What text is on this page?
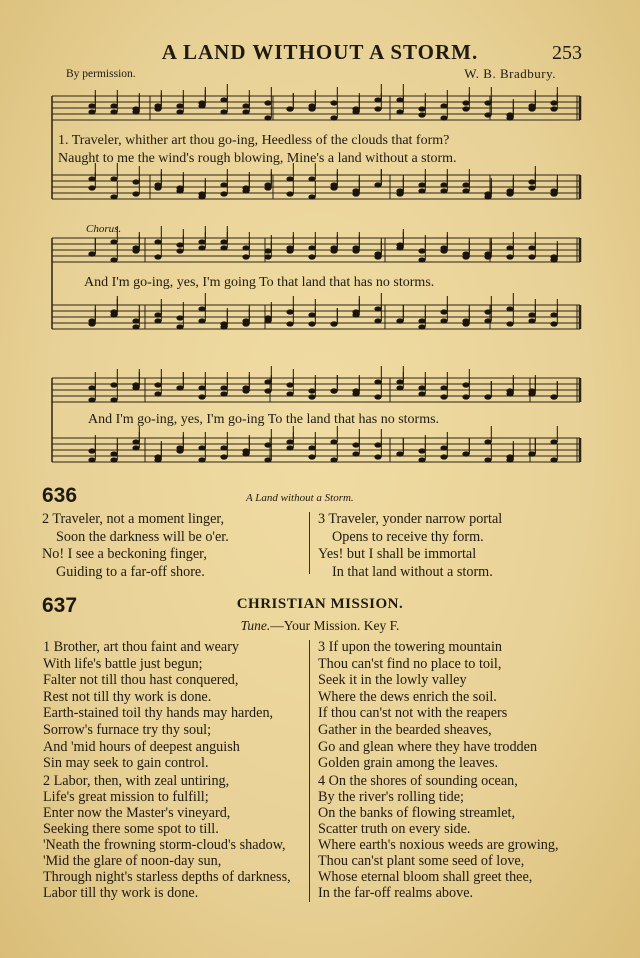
A LAND WITHOUT A STORM.	253
By permission.	W. B. Bradbury.
1. Traveler, whither art thou go-ing, Heedless of the clouds that form?
Naught to me the wind's rough blowing, Mine's a land without a storm.
Chorus.
And I'm go-ing, yes, I'm going To that land that has no storms.
And I'm go-ing, yes, I'm go-ing To the land that has no storms.
636	A Land without a Storm.
2 Traveler, not a moment linger,
Soon the darkness will be o'er.
No! I see a beckoning finger,
Guiding to a far-off shore.
3 Traveler, yonder narrow portal
Opens to receive thy form.
Yes! but I shall be immortal
In that land without a storm.
637	CHRISTIAN MISSION.
Tune.—Your Mission. Key F.
1 Brother, art thou faint and weary
With life's battle just begun;
Falter not till thou hast conquered,
Rest not till thy work is done.
Earth-stained toil thy hands may harden,
Sorrow's furnace try thy soul;
And 'mid hours of deepest anguish
Sin may seek to gain control.
2 Labor, then, with zeal untiring,
Life's great mission to fulfill;
Enter now the Master's vineyard,
Seeking there some spot to till.
'Neath the frowning storm-cloud's shadow,
'Mid the glare of noon-day sun,
Through night's starless depths of darkness,
Labor till thy work is done.
3 If upon the towering mountain
Thou can'st find no place to toil,
Seek it in the lowly valley
Where the dews enrich the soil.
If thou can'st not with the reapers
Gather in the bearded sheaves,
Go and glean where they have trodden
Golden grain among the leaves.
4 On the shores of sounding ocean,
By the river's rolling tide;
On the banks of flowing streamlet,
Scatter truth on every side.
Where earth's noxious weeds are growing,
Thou can'st plant some seed of love,
Whose eternal bloom shall greet thee,
In the far-off realms above.
